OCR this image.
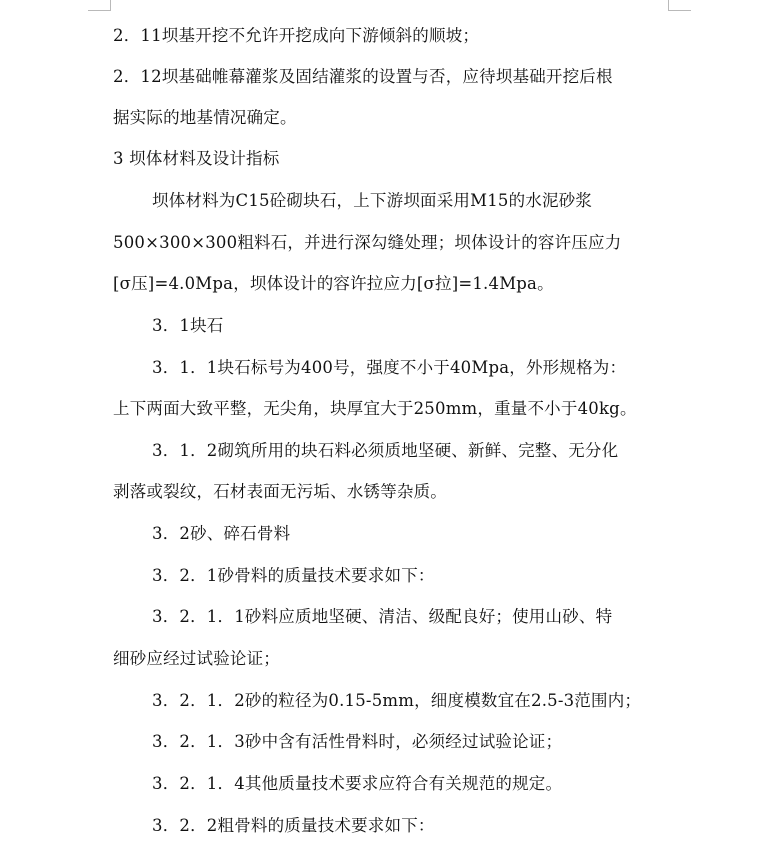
2．11坝基开挖不允许开挖成向下游倾斜的顺坡；
2．12坝基础帷幕灌浆及固结灌浆的设置与否，应待坝基础开挖后根
据实际的地基情况确定。
3 坝体材料及设计指标
坝体材料为C15砼砌块石，上下游坝面采用M15的水泥砂浆
500×300×300粗料石，并进行深勾缝处理；坝体设计的容许压应力
[σ压]=4.0Mpa，坝体设计的容许拉应力[σ拉]=1.4Mpa。
3．1块石
3．1．1块石标号为400号，强度不小于40Mpa，外形规格为：
上下两面大致平整，无尖角，块厚宜大于250mm，重量不小于40kg。
3．1．2砌筑所用的块石料必须质地坚硬、新鲜、完整、无分化
剥落或裂纹，石材表面无污垢、水锈等杂质。
3．2砂、碎石骨料
3．2．1砂骨料的质量技术要求如下：
3．2．1．1砂料应质地坚硬、清洁、级配良好；使用山砂、特
细砂应经过试验论证；
3．2．1．2砂的粒径为0.15-5mm，细度模数宜在2.5-3范围内；
3．2．1．3砂中含有活性骨料时，必须经过试验论证；
3．2．1．4其他质量技术要求应符合有关规范的规定。
3．2．2粗骨料的质量技术要求如下：
